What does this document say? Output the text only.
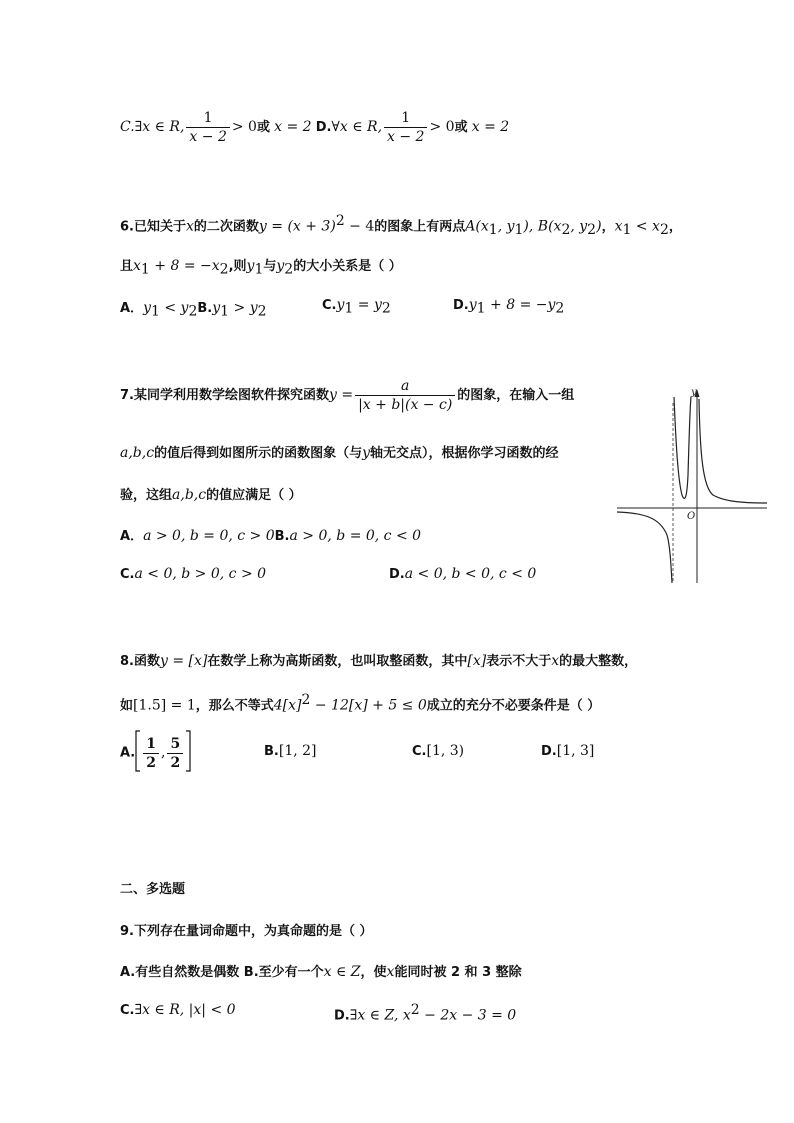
C.∃x ∈ R, $\frac{1}{x - 2} > 0$或 x = 2 D.∀x ∈ R, $\frac{1}{x - 2} > 0$或 x = 2
6.已知关于x的二次函数$y = (x + 3)^2 - 4$的图象上有两点$A(x_1$, $y_1$), $B(x_2$, $y_2$)，$x_1 < x_2$，
且$x_1 + 8 = -x_2$,则$y_1$与$y_2$的大小关系是（ ）
A．$y_1 < y_2B.y_1 > y_2$	$C.y_1 = y_2$	$D.y_1 + 8 = -y_2$
7.某同学利用数学绘图软件探究函数$y = \frac{a}{|x + b|(x - c)}$ 的图象，在输入一组
a,b,c的值后得到如图所示的函数图象（与y轴无交点），根据你学习函数的经
验，这组a,b,c的值应满足（ ）
A．a > 0, b = 0, c > 0B.a > 0, b = 0, c < 0
C.a < 0, b > 0, c > 0	D.a < 0, b < 0, c < 0
y
O
8.函数y = [x]在数学上称为高斯函数，也叫取整函数，其中[x]表示不大于x的最大整数，
如[1.5] = 1，那么不等式$4[x]^2 - 12[x] + 5 \le 0$成立的充分不必要条件是（ ）
A. $\frac{1}{2}$ , $\frac{5}{2}$	B.[1, 2]	C.[1, 3)	D.[1, 3]
二、多选题
9.下列存在量词命题中，为真命题的是（ ）
A.有些自然数是偶数 B.至少有一个x ∈ Z，使x能同时被 2 和 3 整除
C.∃x ∈ R, |x| < 0	D.∃x ∈ Z, $x^2 - 2x - 3 = 0$
